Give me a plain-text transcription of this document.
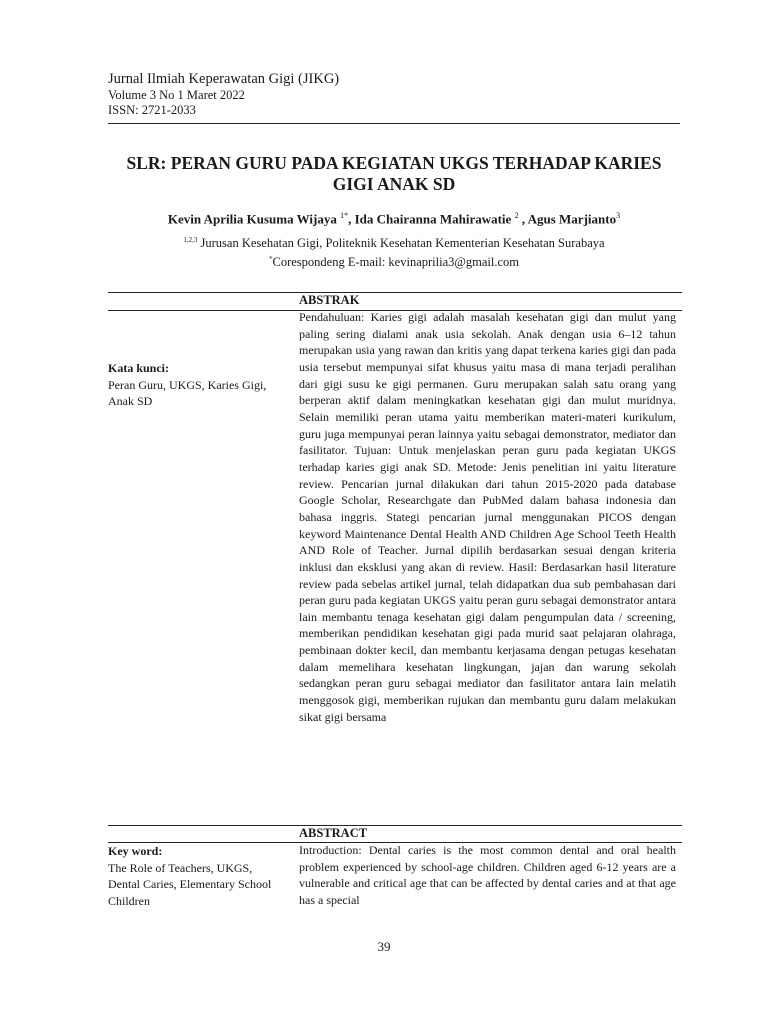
Jurnal Ilmiah Keperawatan Gigi (JIKG)
Volume 3 No 1 Maret 2022
ISSN: 2721-2033
SLR: PERAN GURU PADA KEGIATAN UKGS TERHADAP KARIES GIGI ANAK SD
Kevin Aprilia Kusuma Wijaya $^{1*}$, Ida Chairanna Mahirawatie $^2$ , Agus Marjianto$^3$
$^{1,2,3}$ Jurusan Kesehatan Gigi, Politeknik Kesehatan Kementerian Kesehatan Surabaya
*Corespondeng E-mail: kevinaprilia3@gmail.com
ABSTRAK
Kata kunci:
Peran Guru, UKGS, Karies Gigi, Anak SD
Pendahuluan: Karies gigi adalah masalah kesehatan gigi dan mulut yang paling sering dialami anak usia sekolah. Anak dengan usia 6–12 tahun merupakan usia yang rawan dan kritis yang dapat terkena karies gigi dan pada usia tersebut mempunyai sifat khusus yaitu masa di mana terjadi peralihan dari gigi susu ke gigi permanen. Guru merupakan salah satu orang yang berperan aktif dalam meningkatkan kesehatan gigi dan mulut muridnya. Selain memiliki peran utama yaitu memberikan materi-materi kurikulum, guru juga mempunyai peran lainnya yaitu sebagai demonstrator, mediator dan fasilitator. Tujuan: Untuk menjelaskan peran guru pada kegiatan UKGS terhadap karies gigi anak SD. Metode: Jenis penelitian ini yaitu literature review. Pencarian jurnal dilakukan dari tahun 2015-2020 pada database Google Scholar, Researchgate dan PubMed dalam bahasa indonesia dan bahasa inggris. Stategi pencarian jurnal menggunakan PICOS dengan keyword Maintenance Dental Health AND Children Age School Teeth Health AND Role of Teacher. Jurnal dipilih berdasarkan sesuai dengan kriteria inklusi dan eksklusi yang akan di review. Hasil: Berdasarkan hasil literature review pada sebelas artikel jurnal, telah didapatkan dua sub pembahasan dari peran guru pada kegiatan UKGS yaitu peran guru sebagai demonstrator antara lain membantu tenaga kesehatan gigi dalam pengumpulan data / screening, memberikan pendidikan kesehatan gigi pada murid saat pelajaran olahraga, pembinaan dokter kecil, dan membantu kerjasama dengan petugas kesehatan dalam memelihara kesehatan lingkungan, jajan dan warung sekolah sedangkan peran guru sebagai mediator dan fasilitator antara lain melatih menggosok gigi, memberikan rujukan dan membantu guru dalam melakukan sikat gigi bersama
ABSTRACT
Key word:
The Role of Teachers, UKGS, Dental Caries, Elementary School Children
Introduction: Dental caries is the most common dental and oral health problem experienced by school-age children. Children aged 6-12 years are a vulnerable and critical age that can be affected by dental caries and at that age has a special
39
